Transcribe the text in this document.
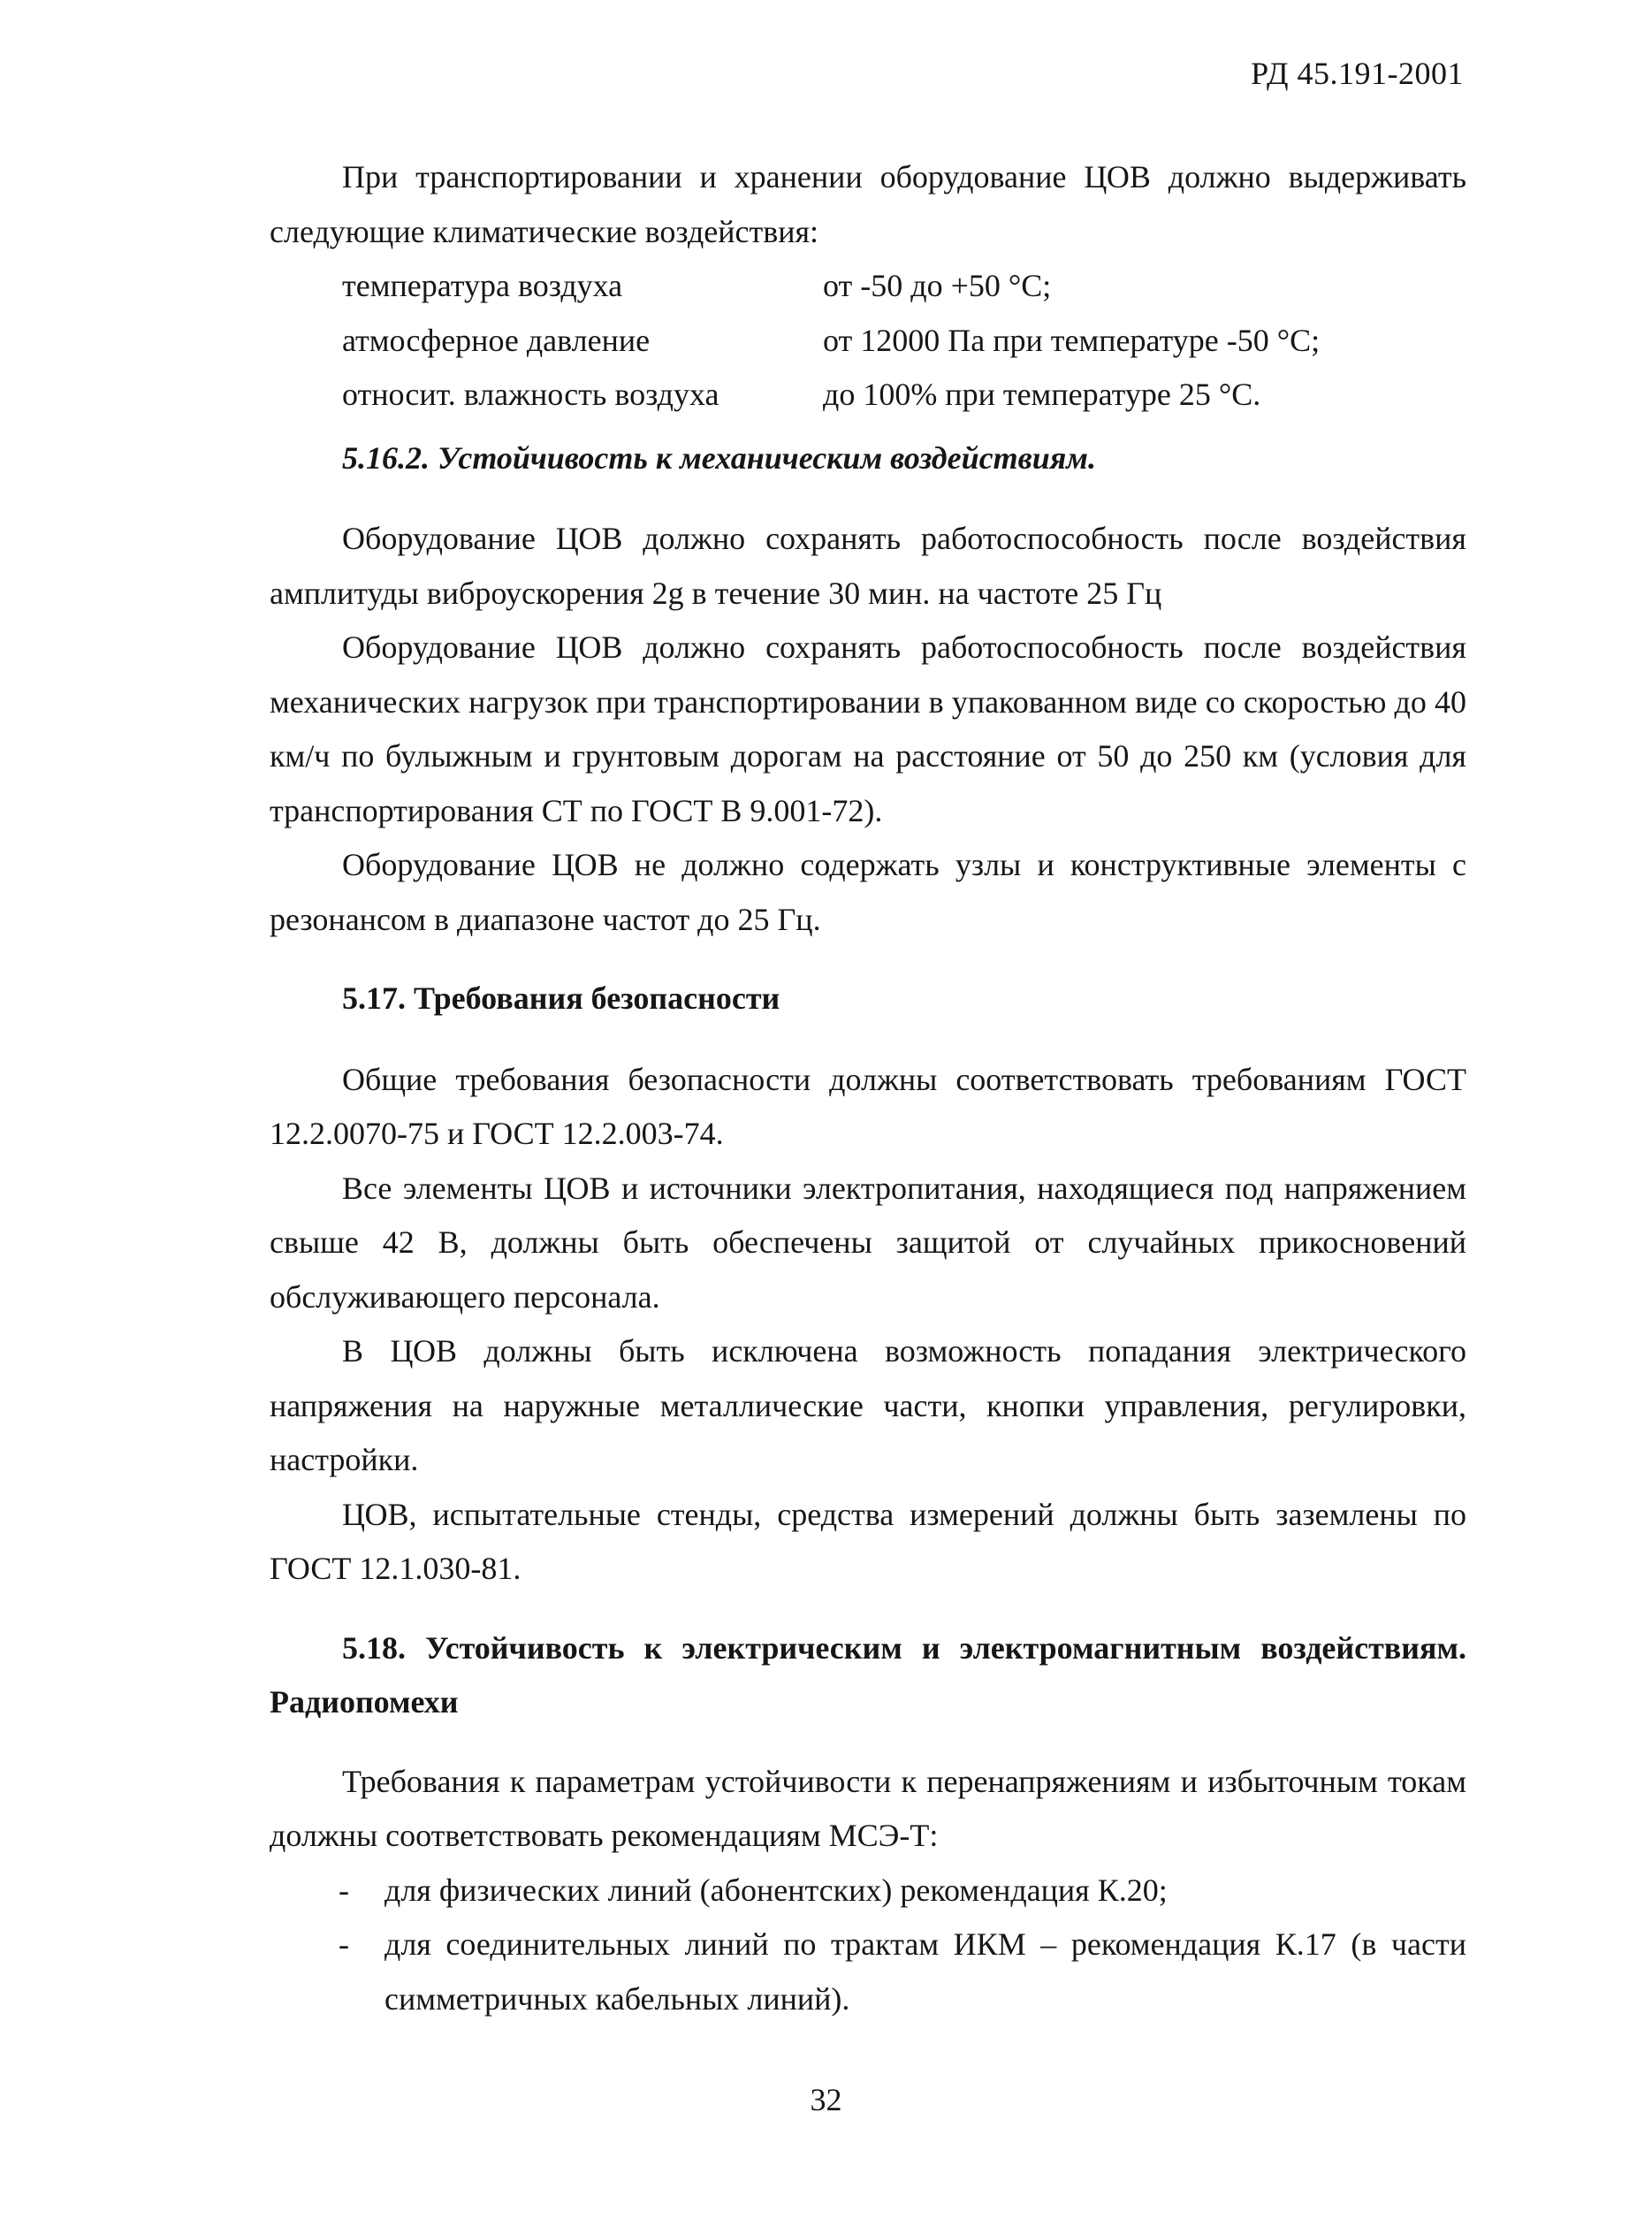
РД 45.191-2001

При транспортировании и хранении оборудование ЦОВ должно выдерживать следующие климатические воздействия:

температура воздуха	от -50 до +50 °С;
атмосферное давление	от 12000 Па при температуре -50 °С;
относит. влажность воздуха	до 100% при температуре 25 °С.
5.16.2. Устойчивость к механическим воздействиям.

Оборудование ЦОВ должно сохранять работоспособность после воздействия амплитуды виброускорения 2g в течение 30 мин. на частоте 25 Гц

Оборудование ЦОВ должно сохранять работоспособность после воздействия механических нагрузок при транспортировании в упакованном виде со скоростью до 40 км/ч по булыжным и грунтовым дорогам на расстояние от 50 до 250 км (условия для транспортирования СТ по ГОСТ В 9.001-72).

Оборудование ЦОВ не должно содержать узлы и конструктивные элементы с резонансом в диапазоне частот до 25 Гц.

5.17. Требования безопасности

Общие требования безопасности должны соответствовать требованиям ГОСТ 12.2.0070-75 и ГОСТ 12.2.003-74.

Все элементы ЦОВ и источники электропитания, находящиеся под напряжением свыше 42 В, должны быть обеспечены защитой от случайных прикосновений обслуживающего персонала.

В ЦОВ должны быть исключена возможность попадания электрического напряжения на наружные металлические части, кнопки управления, регулировки, настройки.

ЦОВ, испытательные стенды, средства измерений должны быть заземлены по ГОСТ 12.1.030-81.

5.18. Устойчивость к электрическим и электромагнитным воздействиям. Радиопомехи

Требования к параметрам устойчивости к перенапряжениям и избыточным токам должны соответствовать рекомендациям МСЭ-Т:

- для физических линий (абонентских) рекомендация К.20;
- для соединительных линий по трактам ИКМ – рекомендация К.17 (в части симметричных кабельных линий).
32
